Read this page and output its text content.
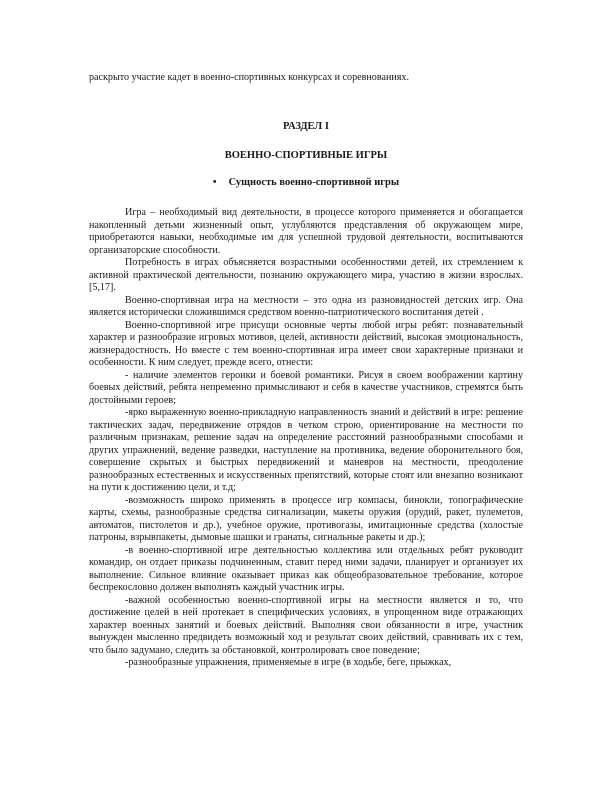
раскрыто участие кадет в военно-спортивных конкурсах и соревнованиях.

РАЗДЕЛ I
ВОЕННО-СПОРТИВНЫЕ ИГРЫ
• Сущность военно-спортивной игры

Игра – необходимый вид деятельности, в процессе которого применяется и обогащается накопленный детьми жизненный опыт, углубляются представления об окружающем мире, приобретаются навыки, необходимые им для успешной трудовой деятельности, воспитываются организаторские способности.

Потребность в играх объясняется возрастными особенностями детей, их стремлением к активной практической деятельности, познанию окружающего мира, участию в жизни взрослых. [5,17].

Военно-спортивная игра на местности – это одна из разновидностей детских игр. Она является исторически сложившимся средством военно-патриотического воспитания детей .

Военно-спортивной игре присущи основные черты любой игры ребят: познавательный характер и разнообразие игровых мотивов, целей, активности действий, высокая эмоциональность, жизнерадостность. Но вместе с тем военно-спортивная игра имеет свои характерные признаки и особенности. К ним следует, прежде всего, отнести:

- наличие элементов героики и боевой романтики. Рисуя в своем воображении картину боевых действий, ребята непременно примысливают и себя в качестве участников, стремятся быть достойными героев;

-ярко выраженную военно-прикладную направленность знаний и действий в игре: решение тактических задач, передвижение отрядов в четком строю, ориентирование на местности по различным признакам, решение задач на определение расстояний разнообразными способами и других упражнений, ведение разведки, наступление на противника, ведение оборонительного боя, совершение скрытых и быстрых передвижений и маневров на местности, преодоление разнообразных естественных и искусственных препятствий, которые стоят или внезапно возникают на пути к достижению цели, и т.д;

-возможность широко применять в процессе игр компасы, бинокли, топографические карты, схемы, разнообразные средства сигнализации, макеты оружия (орудий, ракет, пулеметов, автоматов, пистолетов и др.), учебное оружие, противогазы, имитационные средства (холостые патроны, взрывпакеты, дымовые шашки и гранаты, сигнальные ракеты и др.);

-в военно-спортивной игре деятельностью коллектива или отдельных ребят руководит командир, он отдает приказы подчиненным, ставит перед ними задачи, планирует и организует их выполнение. Сильное влияние оказывает приказ как общеобразовательное требование, которое беспрекословно должен выполнять каждый участник игры.

-важной особенностью военно-спортивной игры на местности является и то, что достижение целей в ней протекает в специфических условиях, в упрощенном виде отражающих характер военных занятий и боевых действий. Выполняя свои обязанности в игре, участник вынужден мысленно предвидеть возможный ход и результат своих действий, сравнивать их с тем, что было задумано, следить за обстановкой, контролировать свое поведение;

-разнообразные упражнения, применяемые в игре (в ходьбе, беге, прыжках,
